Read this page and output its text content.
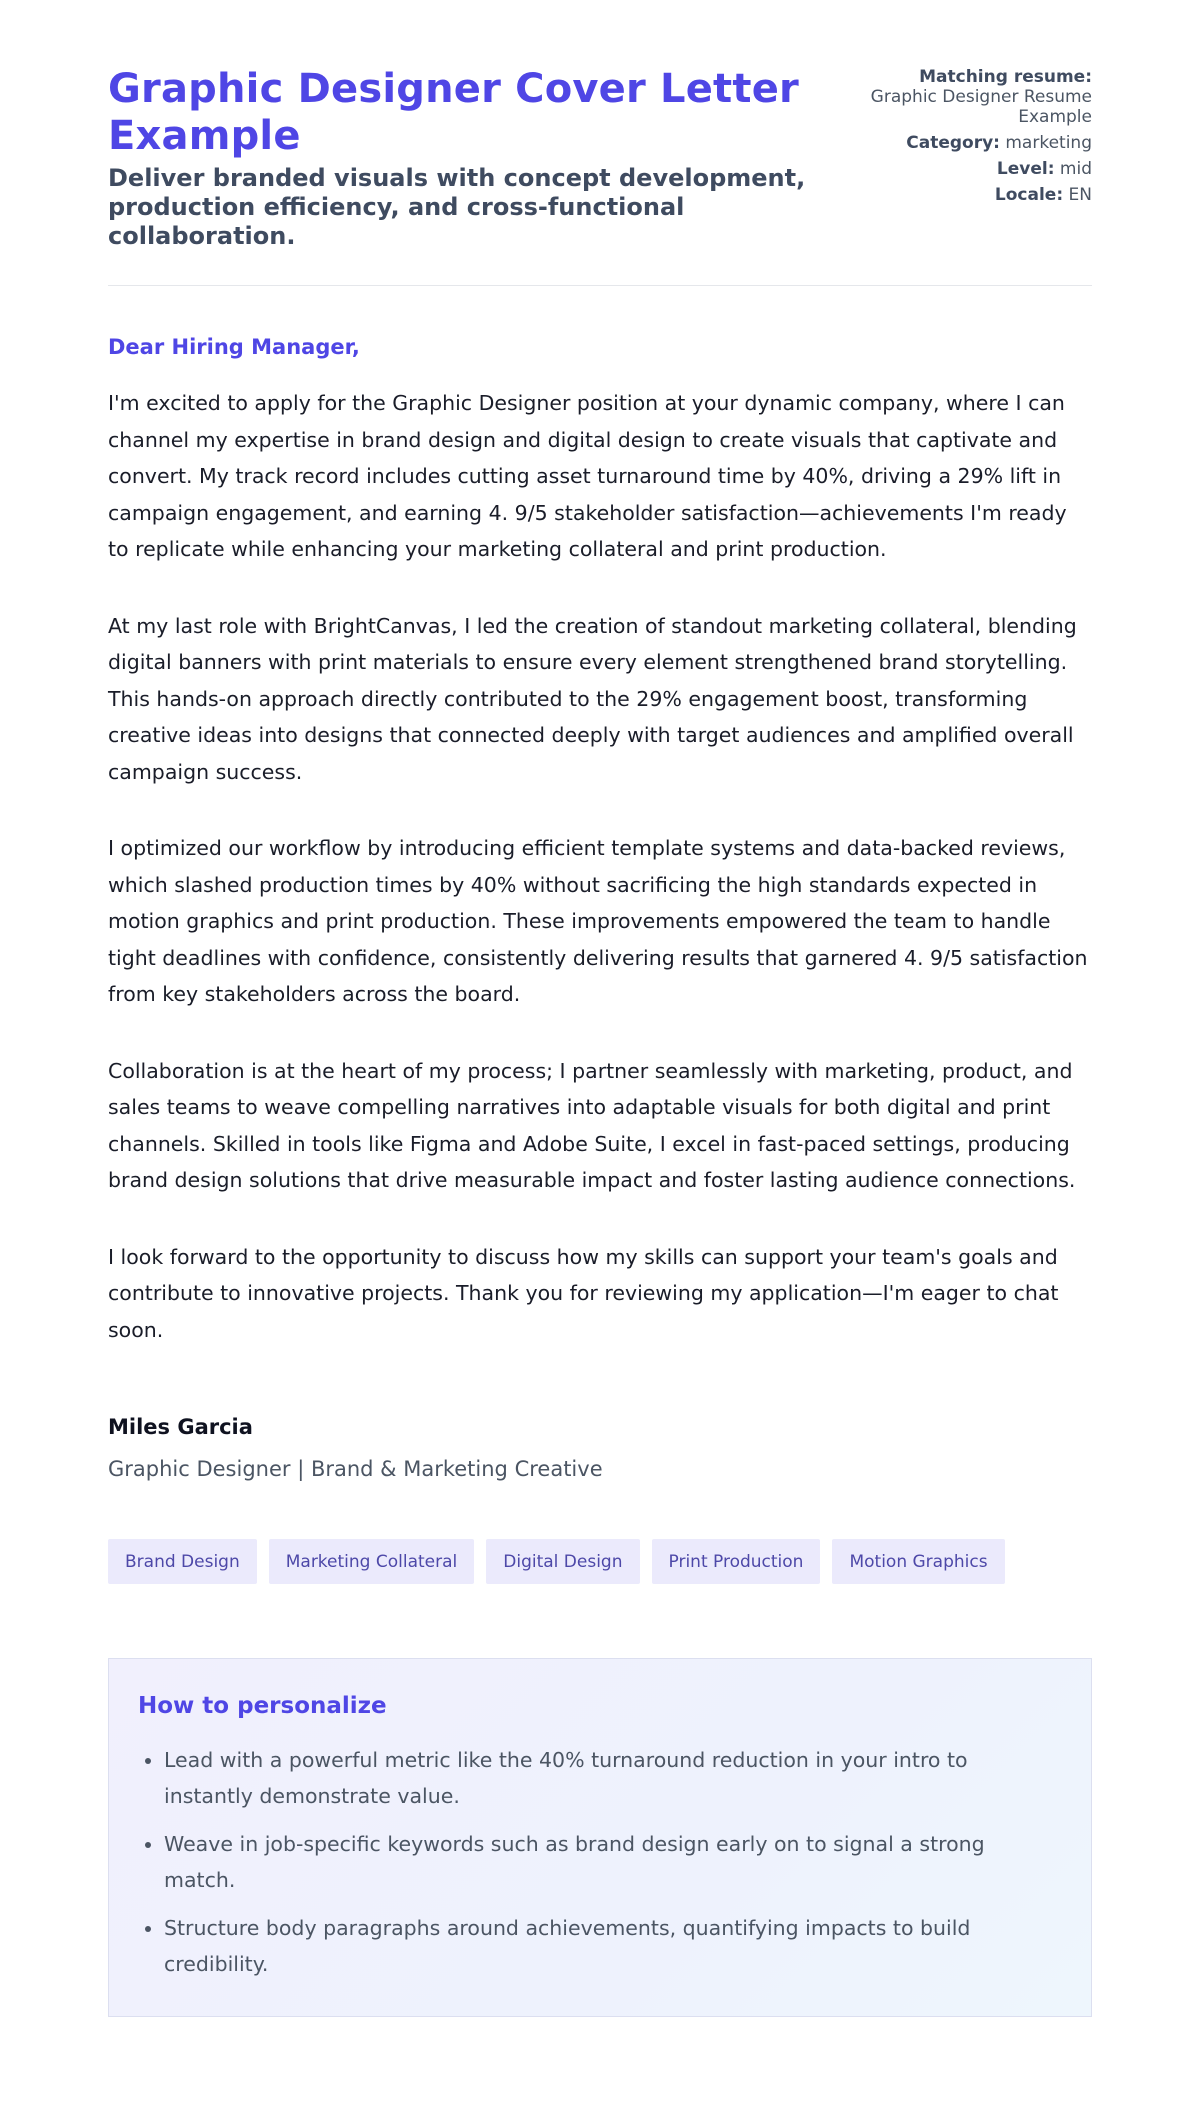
Graphic Designer Cover Letter Example
Deliver branded visuals with concept development, production efficiency, and cross-functional collaboration.
Matching resume:
Graphic Designer Resume Example
Category: marketing
Level: mid
Locale: EN

Dear Hiring Manager,

I'm excited to apply for the Graphic Designer position at your dynamic company, where I can channel my expertise in brand design and digital design to create visuals that captivate and convert. My track record includes cutting asset turnaround time by 40%, driving a 29% lift in campaign engagement, and earning 4. 9/5 stakeholder satisfaction—achievements I'm ready to replicate while enhancing your marketing collateral and print production.

At my last role with BrightCanvas, I led the creation of standout marketing collateral, blending digital banners with print materials to ensure every element strengthened brand storytelling. This hands-on approach directly contributed to the 29% engagement boost, transforming creative ideas into designs that connected deeply with target audiences and amplified overall campaign success.

I optimized our workflow by introducing efficient template systems and data-backed reviews, which slashed production times by 40% without sacrificing the high standards expected in motion graphics and print production. These improvements empowered the team to handle tight deadlines with confidence, consistently delivering results that garnered 4. 9/5 satisfaction from key stakeholders across the board.

Collaboration is at the heart of my process; I partner seamlessly with marketing, product, and sales teams to weave compelling narratives into adaptable visuals for both digital and print channels. Skilled in tools like Figma and Adobe Suite, I excel in fast-paced settings, producing brand design solutions that drive measurable impact and foster lasting audience connections.

I look forward to the opportunity to discuss how my skills can support your team's goals and contribute to innovative projects. Thank you for reviewing my application—I'm eager to chat soon.

Miles Garcia
Graphic Designer | Brand & Marketing Creative
Brand Design	Marketing Collateral	Digital Design	Print Production	Motion Graphics
How to personalize
• Lead with a powerful metric like the 40% turnaround reduction in your intro to instantly demonstrate value.
• Weave in job-specific keywords such as brand design early on to signal a strong match.
• Structure body paragraphs around achievements, quantifying impacts to build credibility.
